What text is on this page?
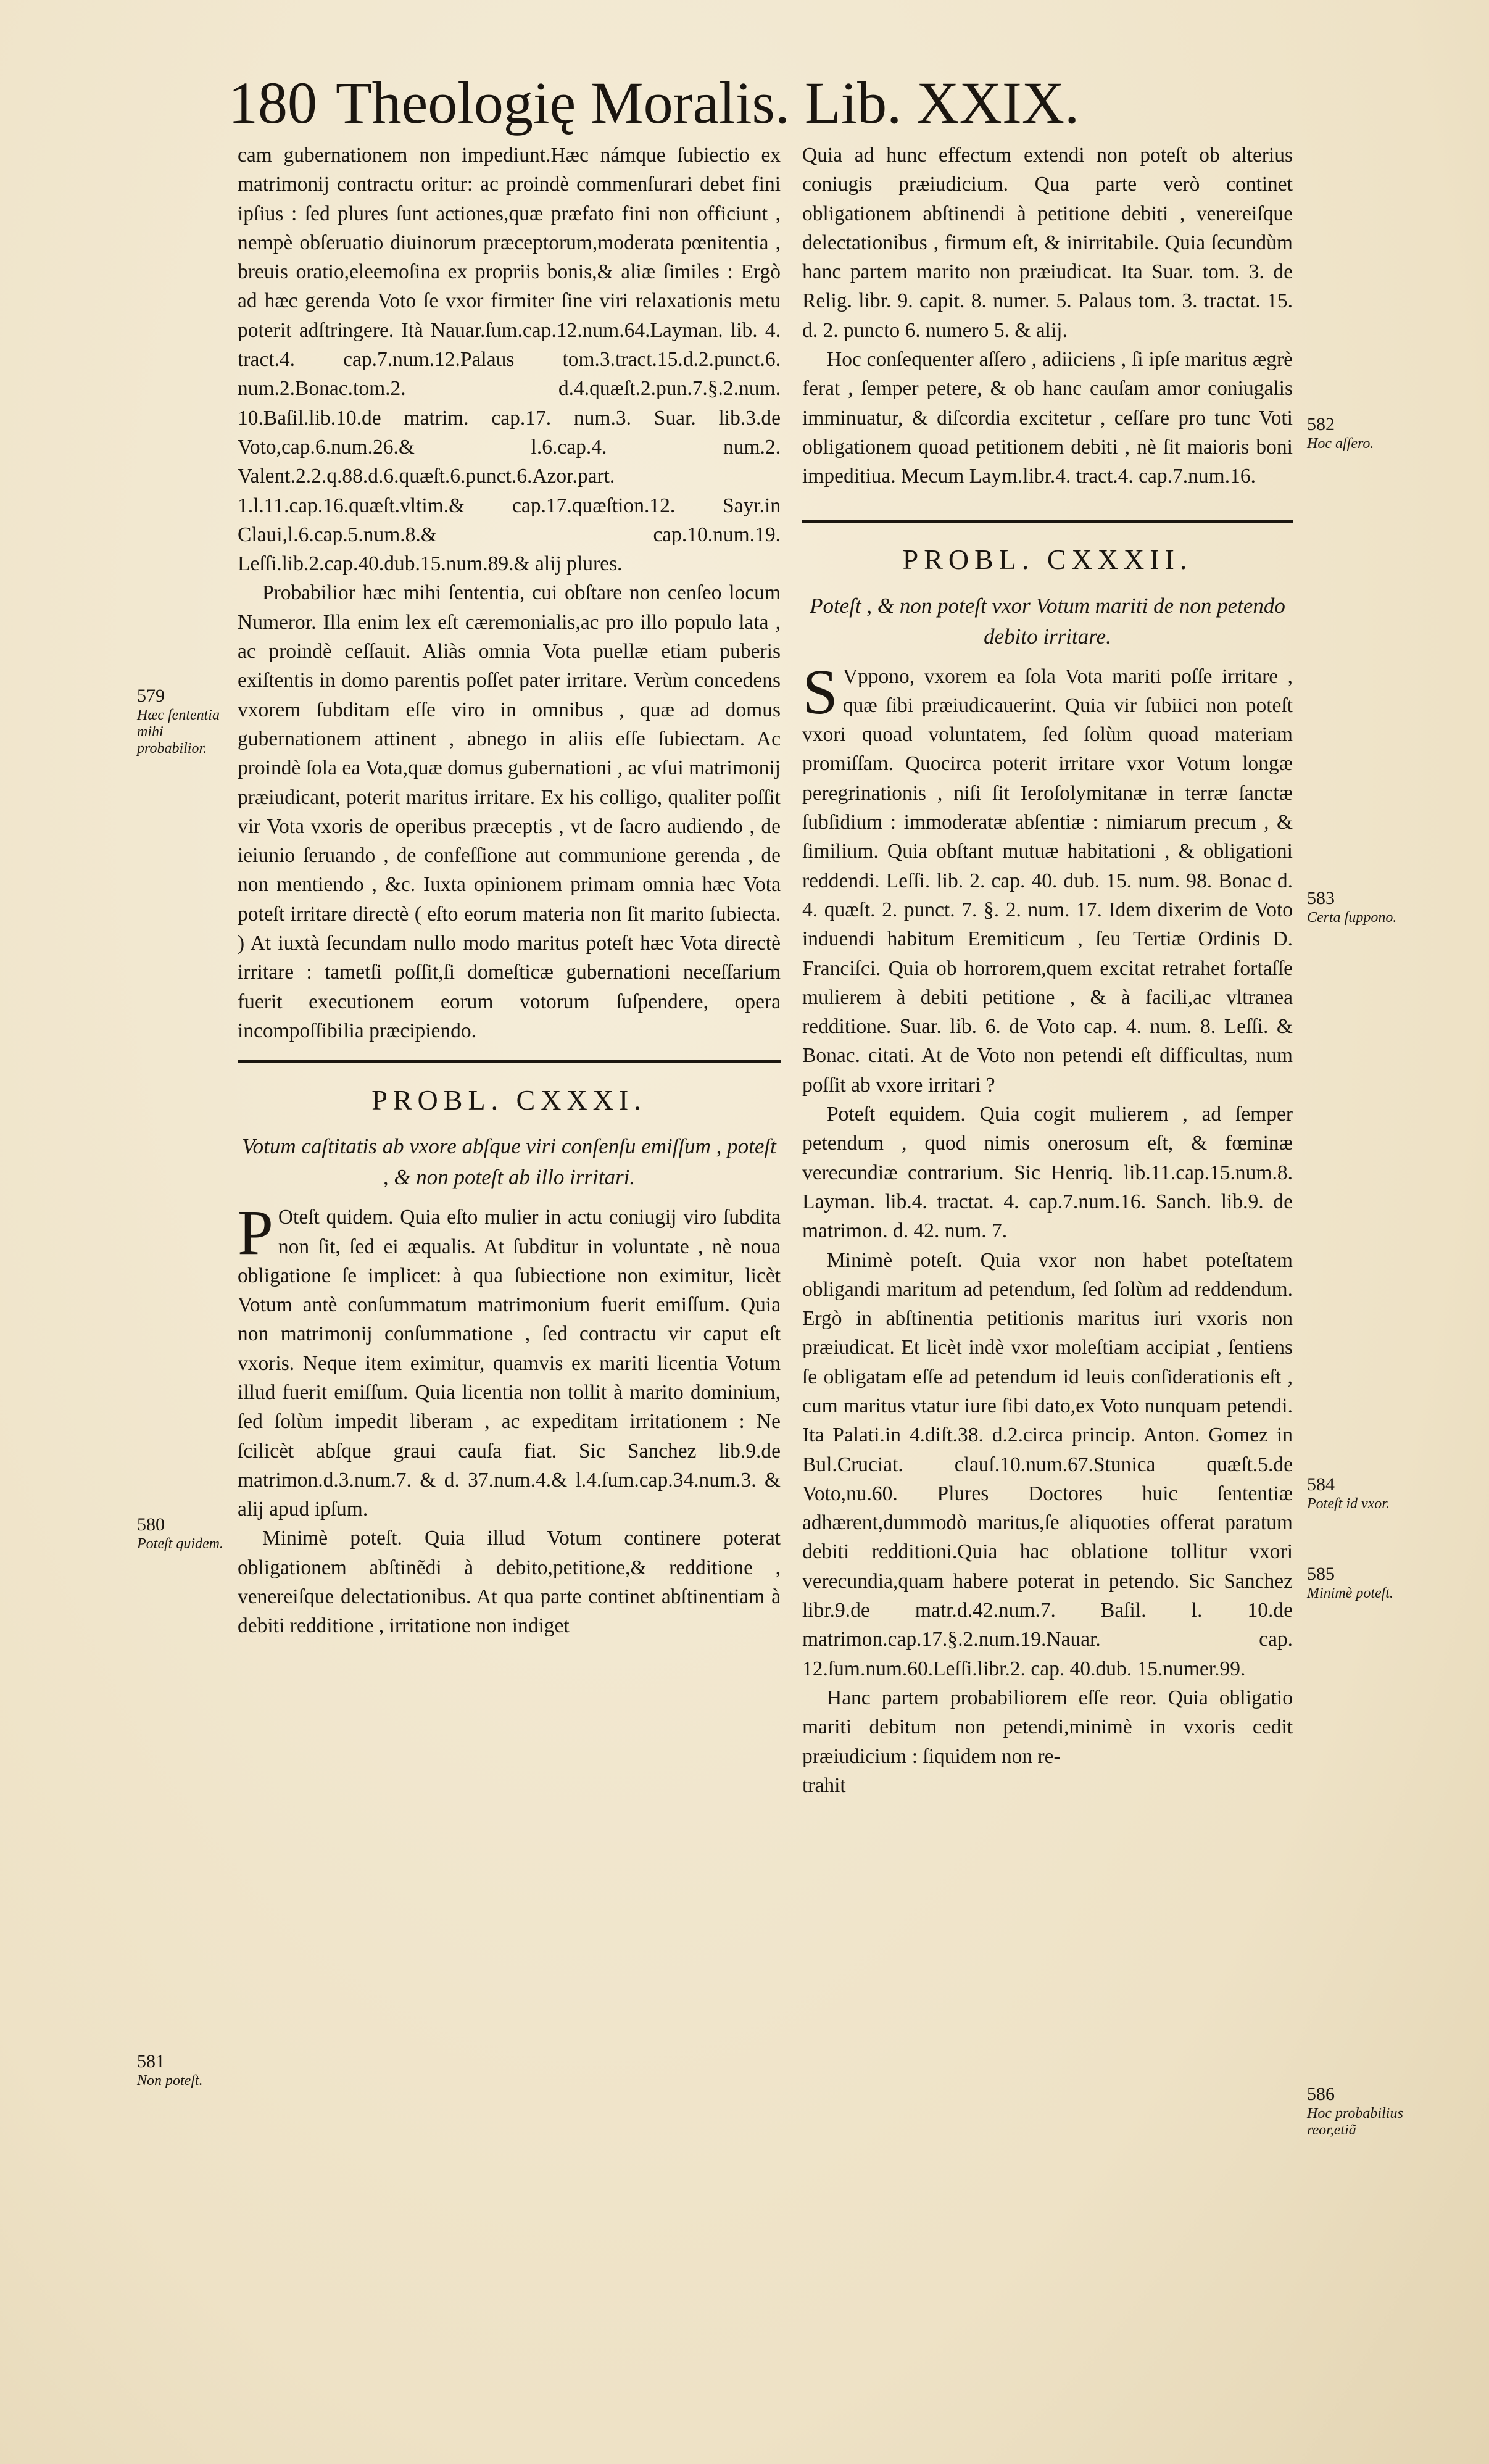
180 Theologię Moralis. Lib. XXIX.

cam gubernationem non impediunt.Hæc námque ſubiectio ex matrimonij contractu oritur: ac proindè commenſurari debet fini ipſius : ſed plures ſunt actiones,quæ præfato fini non officiunt , nempè obſeruatio diuinorum præceptorum,moderata pœnitentia , breuis oratio,eleemoſina ex propriis bonis,& aliæ ſimiles : Ergò ad hæc gerenda Voto ſe vxor firmiter ſine viri relaxationis metu poterit adſtringere. Ità Nauar.ſum.cap.12.num.64.Layman. lib. 4. tract.4. cap.7.num.12.Palaus tom.3.tract.15.d.2.punct.6. num.2.Bonac.tom.2. d.4.quæſt.2.pun.7.§.2.num. 10.Baſil.lib.10.de matrim. cap.17. num.3. Suar. lib.3.de Voto,cap.6.num.26.& l.6.cap.4. num.2. Valent.2.2.q.88.d.6.quæſt.6.punct.6.Azor.part. 1.l.11.cap.16.quæſt.vltim.& cap.17.quæſtion.12. Sayr.in Claui,l.6.cap.5.num.8.& cap.10.num.19. Leſſi.lib.2.cap.40.dub.15.num.89.& alij plures.

Probabilior hæc mihi ſententia, cui obſtare non cenſeo locum Numeror. Illa enim lex eſt cæremonialis,ac pro illo populo lata , ac proindè ceſſauit. Aliàs omnia Vota puellæ etiam puberis exiſtentis in domo parentis poſſet pater irritare. Verùm concedens vxorem ſubditam eſſe viro in omnibus , quæ ad domus gubernationem attinent , abnego in aliis eſſe ſubiectam. Ac proindè ſola ea Vota,quæ domus gubernationi , ac vſui matrimonij præiudicant, poterit maritus irritare. Ex his colligo, qualiter poſſit vir Vota vxoris de operibus præceptis , vt de ſacro audiendo , de ieiunio ſeruando , de confeſſione aut communione gerenda , de non mentiendo , &c. Iuxta opinionem primam omnia hæc Vota poteſt irritare directè ( eſto eorum materia non ſit marito ſubiecta. ) At iuxtà ſecundam nullo modo maritus poteſt hæc Vota directè irritare : tametſi poſſit,ſi domeſticæ gubernationi neceſſarium fuerit executionem eorum votorum ſuſpendere, opera incompoſſibilia præcipiendo.

PROBL. CXXXI.
Votum caſtitatis ab vxore abſque viri conſenſu emiſſum , poteſt , & non poteſt ab illo irritari.

P Oteſt quidem. Quia eſto mulier in actu coniugij viro ſubdita non ſit, ſed ei æqualis. At ſubditur in voluntate , nè noua obligatione ſe implicet: à qua ſubiectione non eximitur, licèt Votum antè conſummatum matrimonium fuerit emiſſum. Quia non matrimonij conſummatione , ſed contractu vir caput eſt vxoris. Neque item eximitur, quamvis ex mariti licentia Votum illud fuerit emiſſum. Quia licentia non tollit à marito dominium, ſed ſolùm impedit liberam , ac expeditam irritationem : Ne ſcilicèt abſque graui cauſa fiat. Sic Sanchez lib.9.de matrimon.d.3.num.7. & d. 37.num.4.& l.4.ſum.cap.34.num.3. & alij apud ipſum.

Minimè poteſt. Quia illud Votum continere poterat obligationem abſtinẽdi à debito,petitione,& redditione , venereiſque delectationibus. At qua parte continet abſtinentiam à debiti redditione , irritatione non indiget

Quia ad hunc effectum extendi non poteſt ob alterius coniugis præiudicium. Qua parte verò continet obligationem abſtinendi à petitione debiti , venereiſque delectationibus , firmum eſt, & inirritabile. Quia ſecundùm hanc partem marito non præiudicat. Ita Suar. tom. 3. de Relig. libr. 9. capit. 8. numer. 5. Palaus tom. 3. tractat. 15. d. 2. puncto 6. numero 5. & alij.

Hoc conſequenter aſſero , adiiciens , ſi ipſe maritus ægrè ferat , ſemper petere, & ob hanc cauſam amor coniugalis imminuatur, & diſcordia excitetur , ceſſare pro tunc Voti obligationem quoad petitionem debiti , nè ſit maioris boni impeditiua. Mecum Laym.libr.4. tract.4. cap.7.num.16.

PROBL. CXXXII.
Poteſt , & non poteſt vxor Votum mariti de non petendo debito irritare.

S Vppono, vxorem ea ſola Vota mariti poſſe irritare , quæ ſibi præiudicauerint. Quia vir ſubiici non poteſt vxori quoad voluntatem, ſed ſolùm quoad materiam promiſſam. Quocirca poterit irritare vxor Votum longæ peregrinationis , niſi ſit Ieroſolymitanæ in terræ ſanctæ ſubſidium : immoderatæ abſentiæ : nimiarum precum , & ſimilium. Quia obſtant mutuæ habitationi , & obligationi reddendi. Leſſi. lib. 2. cap. 40. dub. 15. num. 98. Bonac d. 4. quæſt. 2. punct. 7. §. 2. num. 17. Idem dixerim de Voto induendi habitum Eremiticum , ſeu Tertiæ Ordinis D. Franciſci. Quia ob horrorem,quem excitat retrahet fortaſſe mulierem à debiti petitione , & à facili,ac vltranea redditione. Suar. lib. 6. de Voto cap. 4. num. 8. Leſſi. & Bonac. citati. At de Voto non petendi eſt difficultas, num poſſit ab vxore irritari ?

Poteſt equidem. Quia cogit mulierem , ad ſemper petendum , quod nimis onerosum eſt, & fœminæ verecundiæ contrarium. Sic Henriq. lib.11.cap.15.num.8. Layman. lib.4. tractat. 4. cap.7.num.16. Sanch. lib.9. de matrimon. d. 42. num. 7.

Minimè poteſt. Quia vxor non habet poteſtatem obligandi maritum ad petendum, ſed ſolùm ad reddendum. Ergò in abſtinentia petitionis maritus iuri vxoris non præiudicat. Et licèt indè vxor moleſtiam accipiat , ſentiens ſe obligatam eſſe ad petendum id leuis conſiderationis eſt , cum maritus vtatur iure ſibi dato,ex Voto nunquam petendi. Ita Palati.in 4.diſt.38. d.2.circa princip. Anton. Gomez in Bul.Cruciat. clauſ.10.num.67.Stunica quæſt.5.de Voto,nu.60. Plures Doctores huic ſententiæ adhærent,dummodò maritus,ſe aliquoties offerat paratum debiti redditioni.Quia hac oblatione tollitur vxori verecundia,quam habere poterat in petendo. Sic Sanchez libr.9.de matr.d.42.num.7. Baſil. l. 10.de matrimon.cap.17.§.2.num.19.Nauar. cap. 12.ſum.num.60.Leſſi.libr.2. cap. 40.dub. 15.numer.99.

Hanc partem probabiliorem eſſe reor. Quia obligatio mariti debitum non petendi,minimè in vxoris cedit præiudicium : ſiquidem non re-

trahit

579
Hæc ſententia mihi probabilior.
580
Poteſt quidem.
581
Non poteſt.
582
Hoc aſſero.
583
Certa ſuppono.
584
Poteſt id vxor.
585
Minimè poteſt.
586
Hoc probabilius reor,etiã
